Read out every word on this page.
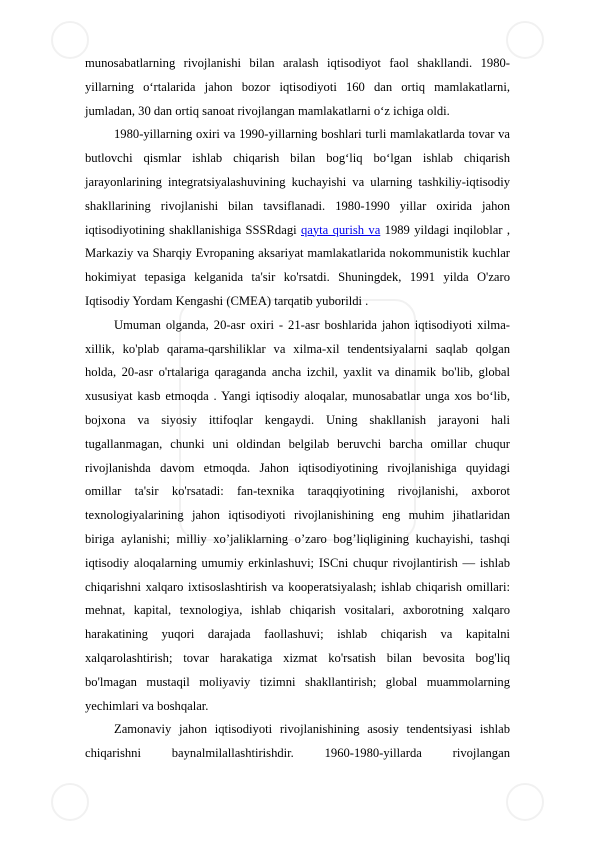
munosabatlarning rivojlanishi bilan aralash iqtisodiyot faol shakllandi. 1980-yillarning o‘rtalarida jahon bozor iqtisodiyoti 160 dan ortiq mamlakatlarni, jumladan, 30 dan ortiq sanoat rivojlangan mamlakatlarni o‘z ichiga oldi.

1980-yillarning oxiri va 1990-yillarning boshlari turli mamlakatlarda tovar va butlovchi qismlar ishlab chiqarish bilan bog‘liq bo‘lgan ishlab chiqarish jarayonlarining integratsiyalashuvining kuchayishi va ularning tashkiliy-iqtisodiy shakllarining rivojlanishi bilan tavsiflanadi. 1980-1990 yillar oxirida jahon iqtisodiyotining shakllanishiga SSSRdagi qayta qurish va 1989 yildagi inqiloblar , Markaziy va Sharqiy Evropaning aksariyat mamlakatlarida nokommunistik kuchlar hokimiyat tepasiga kelganida ta'sir ko'rsatdi. Shuningdek, 1991 yilda O'zaro Iqtisodiy Yordam Kengashi (CMEA) tarqatib yuborildi .

Umuman olganda, 20-asr oxiri - 21-asr boshlarida jahon iqtisodiyoti xilma-xillik, ko'plab qarama-qarshiliklar va xilma-xil tendentsiyalarni saqlab qolgan holda, 20-asr o'rtalariga qaraganda ancha izchil, yaxlit va dinamik bo'lib, global xususiyat kasb etmoqda . Yangi iqtisodiy aloqalar, munosabatlar unga xos bo‘lib, bojxona va siyosiy ittifoqlar kengaydi. Uning shakllanish jarayoni hali tugallanmagan, chunki uni oldindan belgilab beruvchi barcha omillar chuqur rivojlanishda davom etmoqda. Jahon iqtisodiyotining rivojlanishiga quyidagi omillar ta'sir ko'rsatadi: fan-texnika taraqqiyotining rivojlanishi, axborot texnologiyalarining jahon iqtisodiyoti rivojlanishining eng muhim jihatlaridan biriga aylanishi; milliy xo’jaliklarning o’zaro bog’liqligining kuchayishi, tashqi iqtisodiy aloqalarning umumiy erkinlashuvi; ISCni chuqur rivojlantirish — ishlab chiqarishni xalqaro ixtisoslashtirish va kooperatsiyalash; ishlab chiqarish omillari: mehnat, kapital, texnologiya, ishlab chiqarish vositalari, axborotning xalqaro harakatining yuqori darajada faollashuvi; ishlab chiqarish va kapitalni xalqarolashtirish; tovar harakatiga xizmat ko'rsatish bilan bevosita bog'liq bo'lmagan mustaqil moliyaviy tizimni shakllantirish; global muammolarning yechimlari va boshqalar.

Zamonaviy jahon iqtisodiyoti rivojlanishining asosiy tendentsiyasi ishlab chiqarishni baynalmilallashtirishdir. 1960-1980-yillarda rivojlangan
